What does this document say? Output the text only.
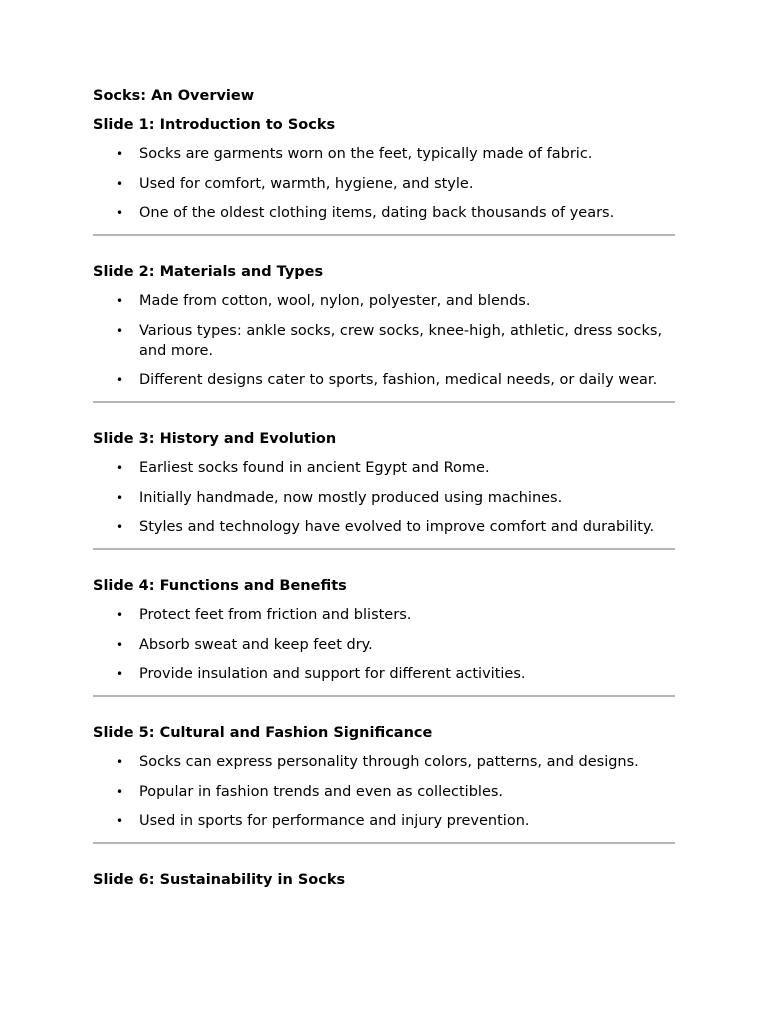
Socks: An Overview
Slide 1: Introduction to Socks
• Socks are garments worn on the feet, typically made of fabric.
• Used for comfort, warmth, hygiene, and style.
• One of the oldest clothing items, dating back thousands of years.
Slide 2: Materials and Types
• Made from cotton, wool, nylon, polyester, and blends.
• Various types: ankle socks, crew socks, knee-high, athletic, dress socks, and more.
• Different designs cater to sports, fashion, medical needs, or daily wear.
Slide 3: History and Evolution
• Earliest socks found in ancient Egypt and Rome.
• Initially handmade, now mostly produced using machines.
• Styles and technology have evolved to improve comfort and durability.
Slide 4: Functions and Benefits
• Protect feet from friction and blisters.
• Absorb sweat and keep feet dry.
• Provide insulation and support for different activities.
Slide 5: Cultural and Fashion Significance
• Socks can express personality through colors, patterns, and designs.
• Popular in fashion trends and even as collectibles.
• Used in sports for performance and injury prevention.
Slide 6: Sustainability in Socks
